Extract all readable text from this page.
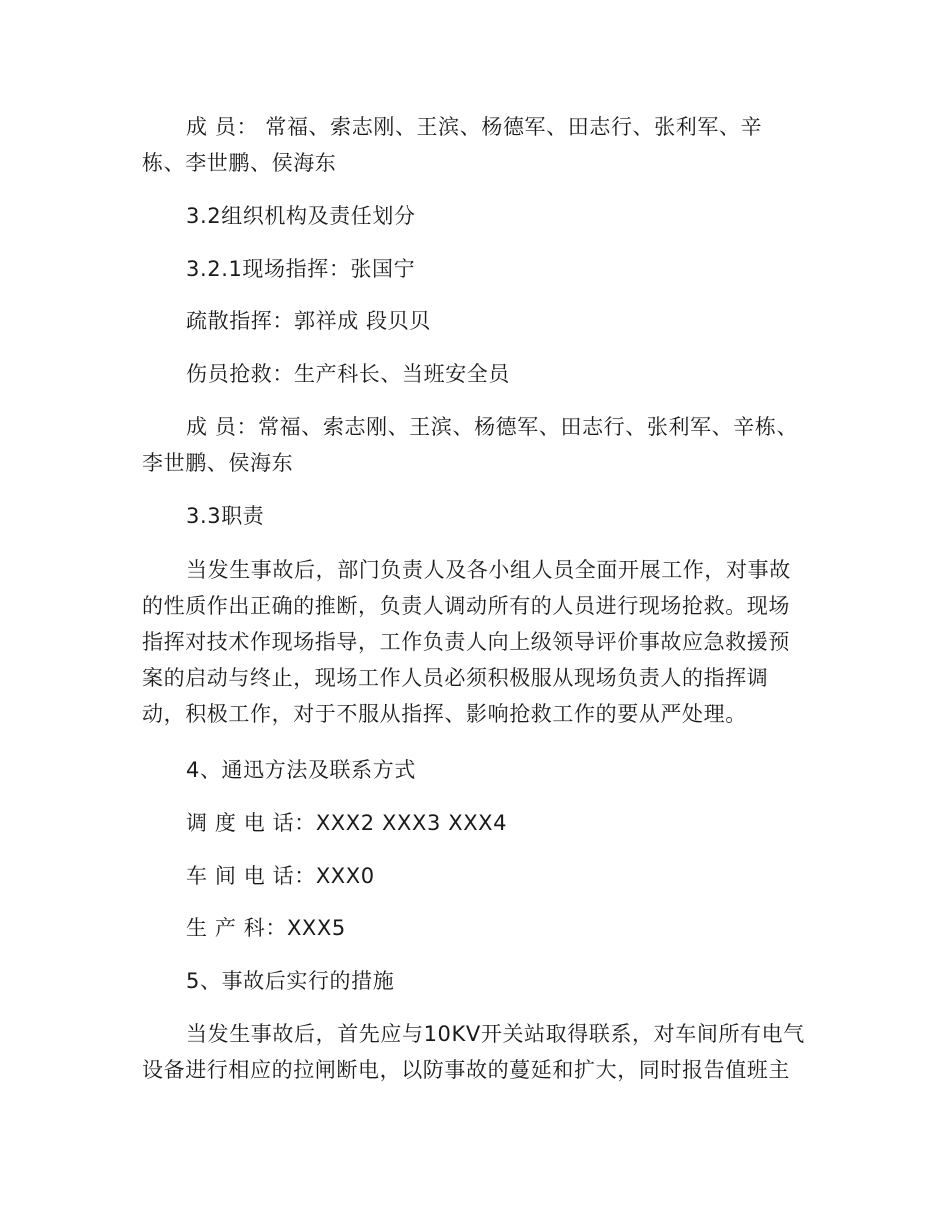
成 员： 常福、索志刚、王滨、杨德军、田志行、张利军、辛
栋、李世鹏、侯海东

3.2组织机构及责任划分

3.2.1现场指挥：张国宁

疏散指挥：郭祥成 段贝贝

伤员抢救：生产科长、当班安全员

成 员：常福、索志刚、王滨、杨德军、田志行、张利军、辛栋、
李世鹏、侯海东

3.3职责

当发生事故后，部门负责人及各小组人员全面开展工作，对事故
的性质作出正确的推断，负责人调动所有的人员进行现场抢救。现场
指挥对技术作现场指导，工作负责人向上级领导评价事故应急救援预
案的启动与终止，现场工作人员必须积极服从现场负责人的指挥调
动，积极工作，对于不服从指挥、影响抢救工作的要从严处理。

4、通迅方法及联系方式

调 度 电 话：XXX2 XXX3 XXX4

车 间 电 话：XXX0

生 产 科：XXX5

5、事故后实行的措施

当发生事故后，首先应与10KV开关站取得联系，对车间所有电气
设备进行相应的拉闸断电，以防事故的蔓延和扩大，同时报告值班主
